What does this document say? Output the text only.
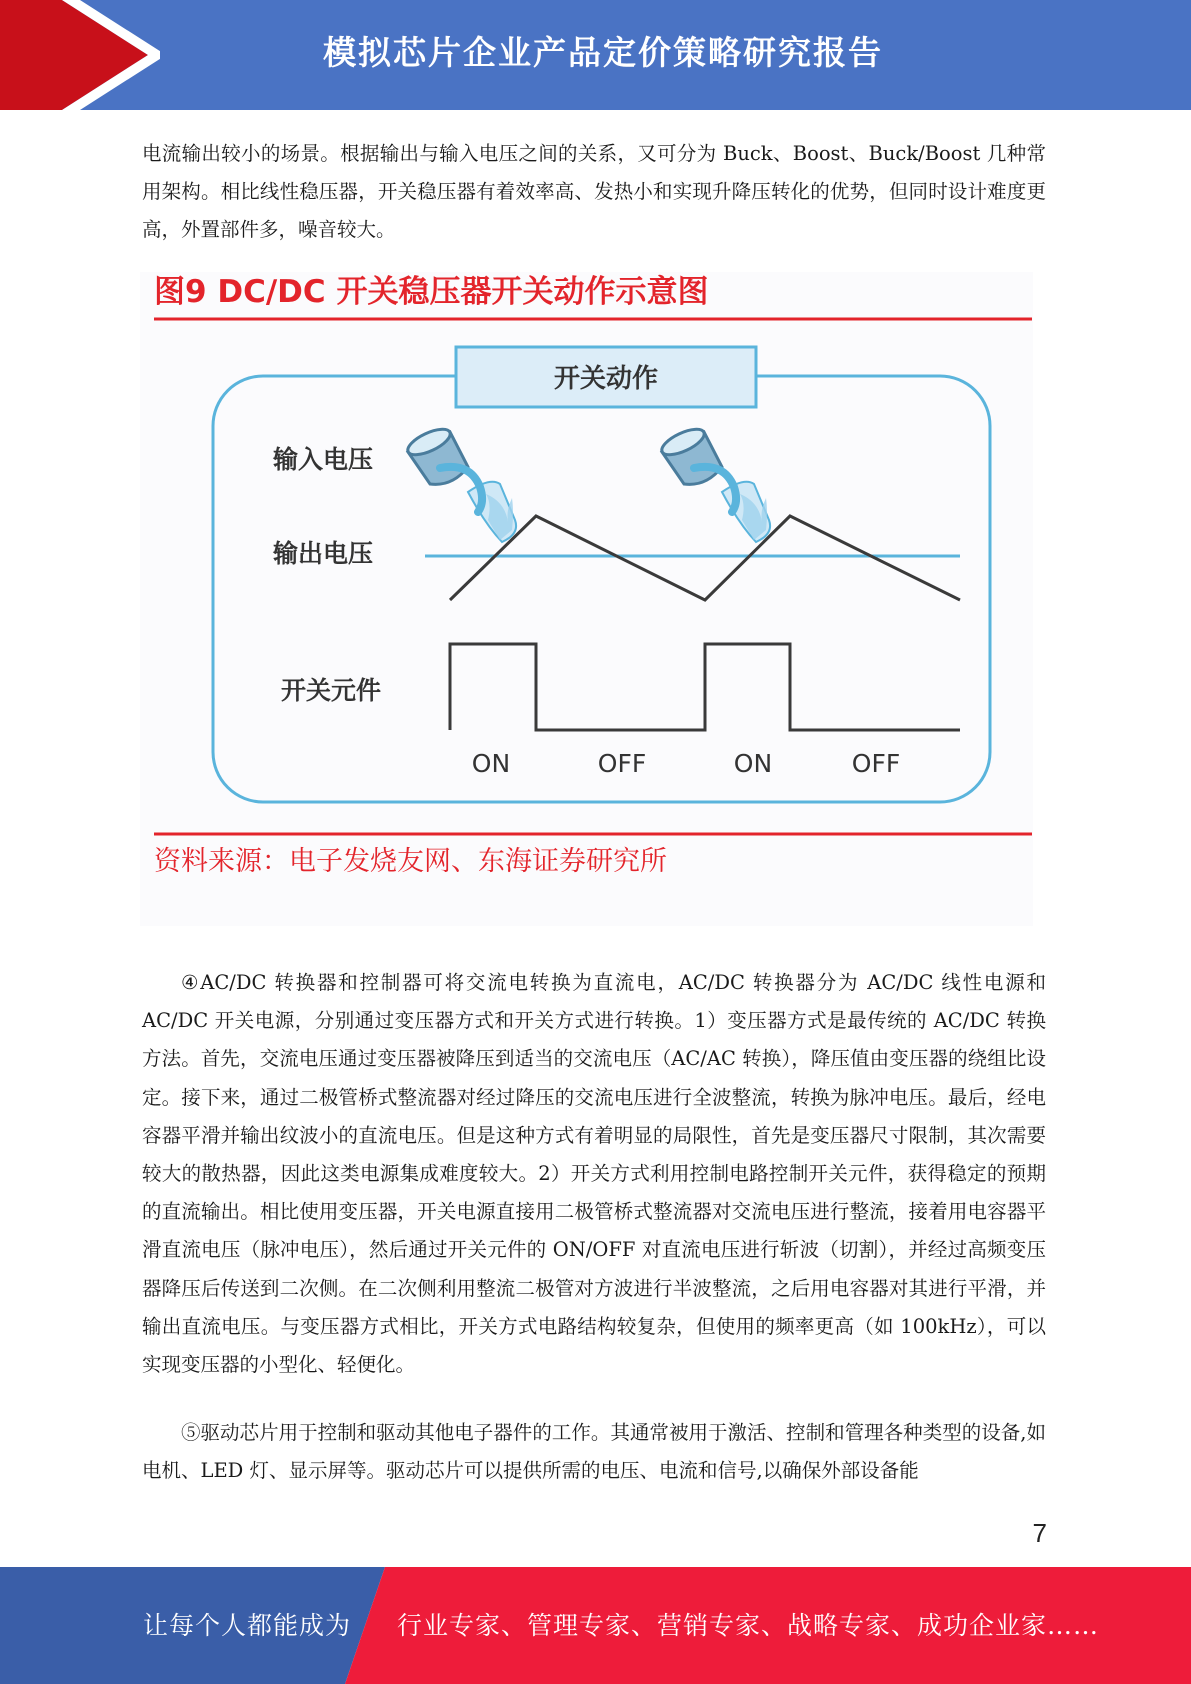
模拟芯片企业产品定价策略研究报告

电流输出较小的场景。根据输出与输入电压之间的关系，又可分为 Buck、Boost、Buck/Boost 几种常用架构。相比线性稳压器，开关稳压器有着效率高、发热小和实现升降压转化的优势，但同时设计难度更高，外置部件多，噪音较大。

图9 DC/DC 开关稳压器开关动作示意图
开关动作
输入电压
输出电压
开关元件
ON	OFF	ON	OFF
资料来源：电子发烧友网、东海证券研究所

④AC/DC 转换器和控制器可将交流电转换为直流电，AC/DC 转换器分为 AC/DC 线性电源和 AC/DC 开关电源，分别通过变压器方式和开关方式进行转换。1）变压器方式是最传统的 AC/DC 转换方法。首先，交流电压通过变压器被降压到适当的交流电压（AC/AC 转换），降压值由变压器的绕组比设定。接下来，通过二极管桥式整流器对经过降压的交流电压进行全波整流，转换为脉冲电压。最后，经电容器平滑并输出纹波小的直流电压。但是这种方式有着明显的局限性，首先是变压器尺寸限制，其次需要较大的散热器，因此这类电源集成难度较大。2）开关方式利用控制电路控制开关元件，获得稳定的预期的直流输出。相比使用变压器，开关电源直接用二极管桥式整流器对交流电压进行整流，接着用电容器平滑直流电压（脉冲电压），然后通过开关元件的 ON/OFF 对直流电压进行斩波（切割），并经过高频变压器降压后传送到二次侧。在二次侧利用整流二极管对方波进行半波整流，之后用电容器对其进行平滑，并输出直流电压。与变压器方式相比，开关方式电路结构较复杂，但使用的频率更高（如 100kHz），可以实现变压器的小型化、轻便化。

⑤驱动芯片用于控制和驱动其他电子器件的工作。其通常被用于激活、控制和管理各种类型的设备,如电机、LED 灯、显示屏等。驱动芯片可以提供所需的电压、电流和信号,以确保外部设备能

7
让每个人都能成为 行业专家、管理专家、营销专家、战略专家、成功企业家……
